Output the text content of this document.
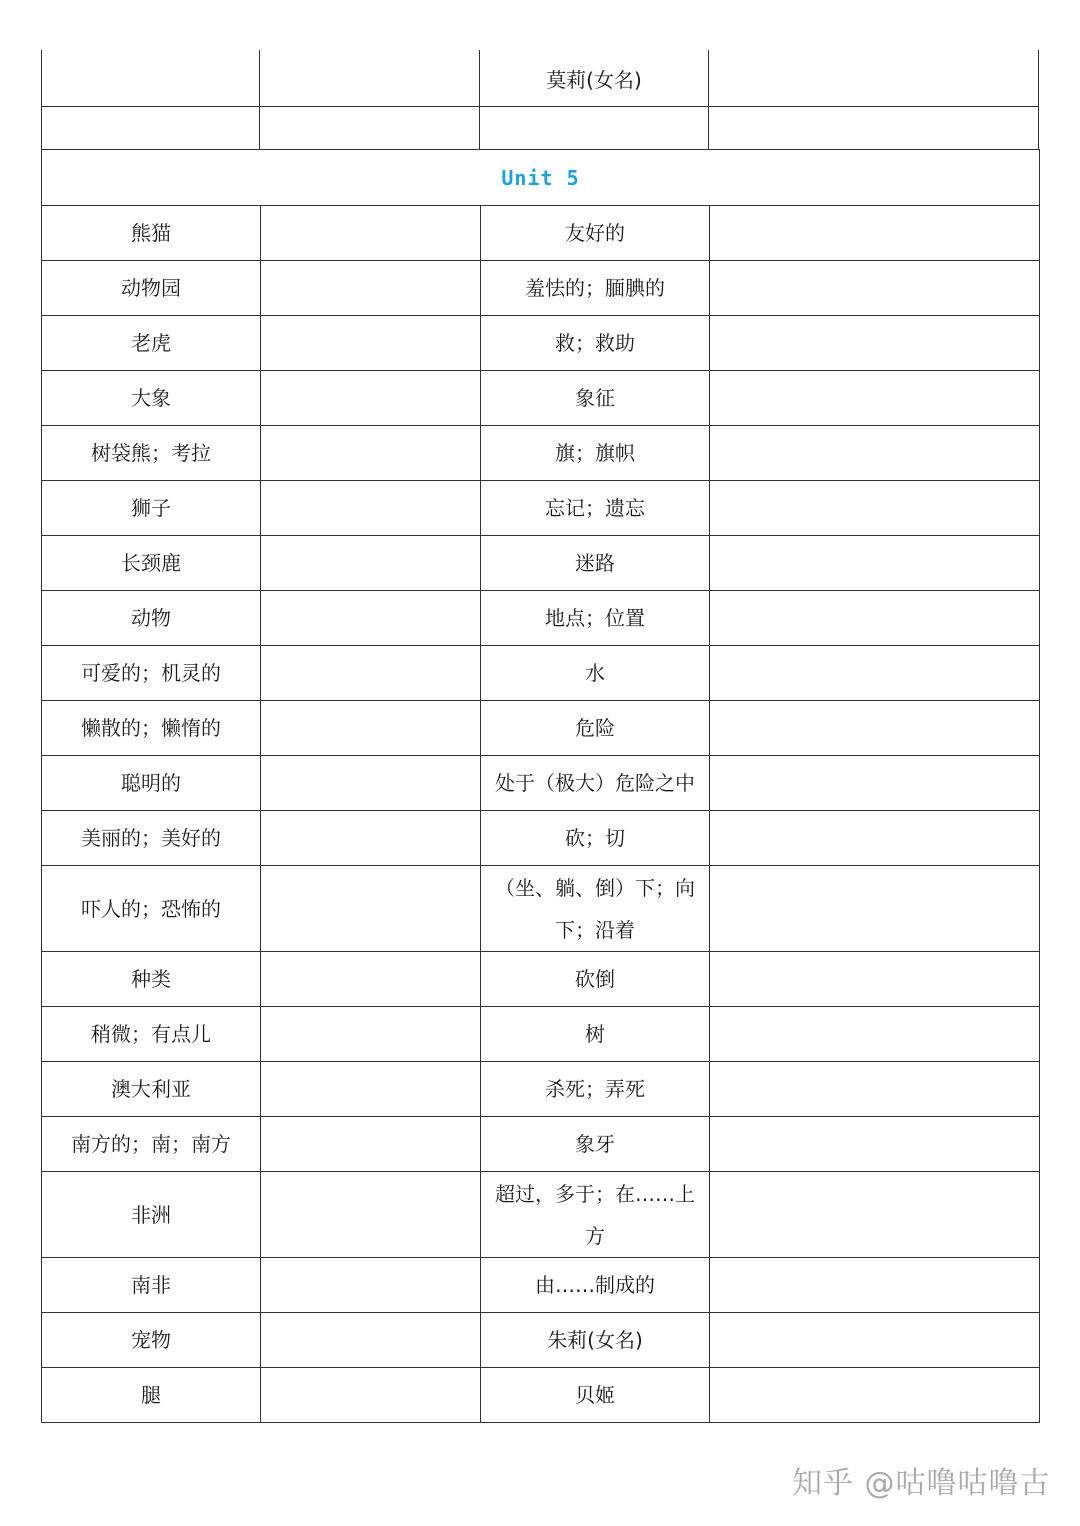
莫莉(女名)
Unit 5			
熊猫		友好的	
动物园		羞怯的；腼腆的	
老虎		救；救助	
大象		象征	
树袋熊；考拉		旗；旗帜	
狮子		忘记；遗忘	
长颈鹿		迷路	
动物		地点；位置	
可爱的；机灵的		水	
懒散的；懒惰的		危险	
聪明的		处于（极大）危险之中	
美丽的；美好的		砍；切	
吓人的；恐怖的		（坐、躺、倒）下；向下；沿着	
种类		砍倒	
稍微；有点儿		树	
澳大利亚		杀死；弄死	
南方的；南；南方		象牙	
非洲		超过，多于；在……上方	
南非		由……制成的	
宠物		朱莉(女名)	
腿		贝姬	
知乎 @咕噜咕噜古
